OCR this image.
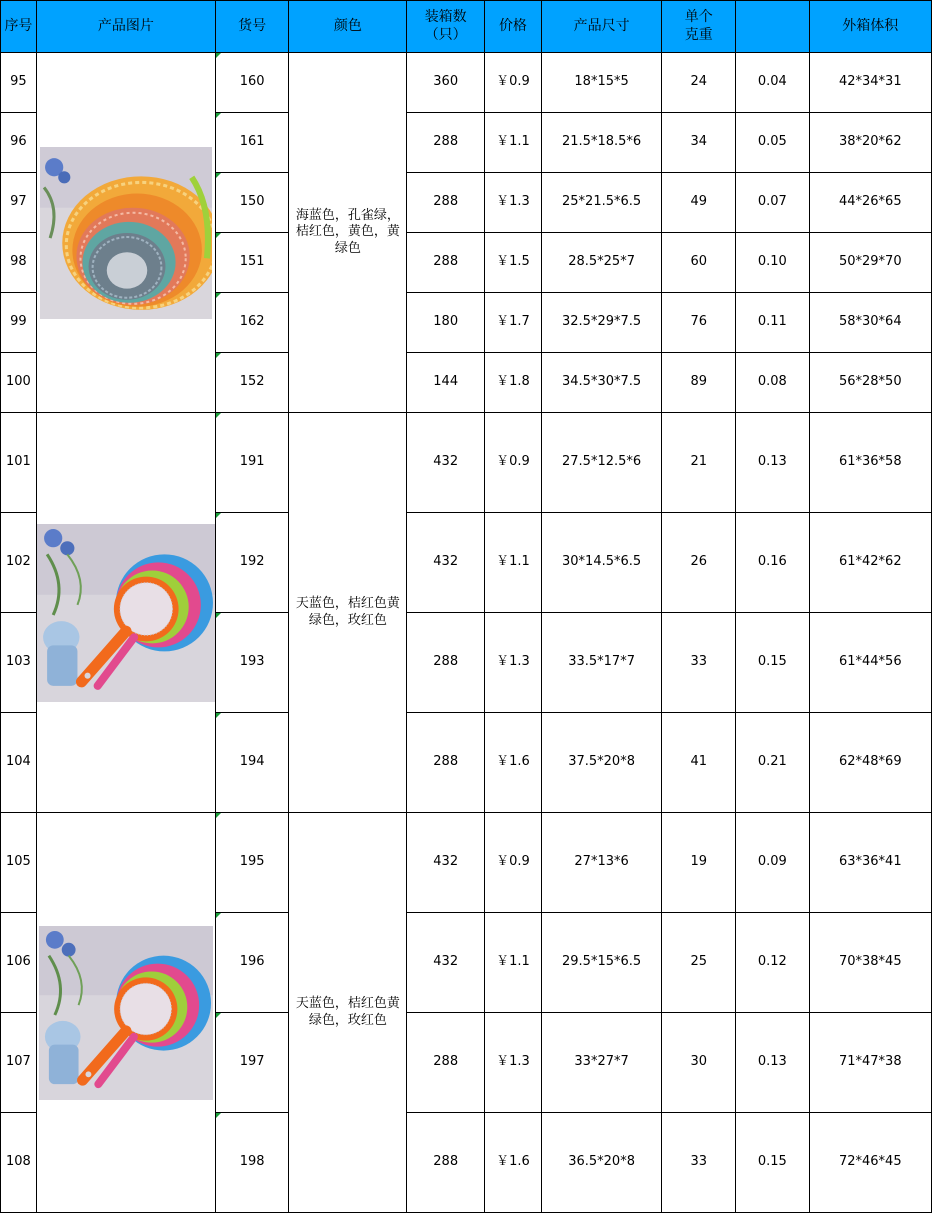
序号	产品图片	货号	颜色	装箱数（只）	价格	产品尺寸	单个克重		外箱体积
95		160	海蓝色，孔雀绿，桔红色，黄色，黄绿色	360	￥0.9	18*15*5	24	0.04	42*34*31
96		161		288	￥1.1	21.5*18.5*6	34	0.05	38*20*62
97		150		288	￥1.3	25*21.5*6.5	49	0.07	44*26*65
98		151		288	￥1.5	28.5*25*7	60	0.10	50*29*70
99		162		180	￥1.7	32.5*29*7.5	76	0.11	58*30*64
100		152		144	￥1.8	34.5*30*7.5	89	0.08	56*28*50
101		191	天蓝色，桔红色黄绿色，玫红色	432	￥0.9	27.5*12.5*6	21	0.13	61*36*58
102		192		432	￥1.1	30*14.5*6.5	26	0.16	61*42*62
103		193		288	￥1.3	33.5*17*7	33	0.15	61*44*56
104		194		288	￥1.6	37.5*20*8	41	0.21	62*48*69
105		195	天蓝色，桔红色黄绿色，玫红色	432	￥0.9	27*13*6	19	0.09	63*36*41
106		196		432	￥1.1	29.5*15*6.5	25	0.12	70*38*45
107		197		288	￥1.3	33*27*7	30	0.13	71*47*38
108		198		288	￥1.6	36.5*20*8	33	0.15	72*46*45
